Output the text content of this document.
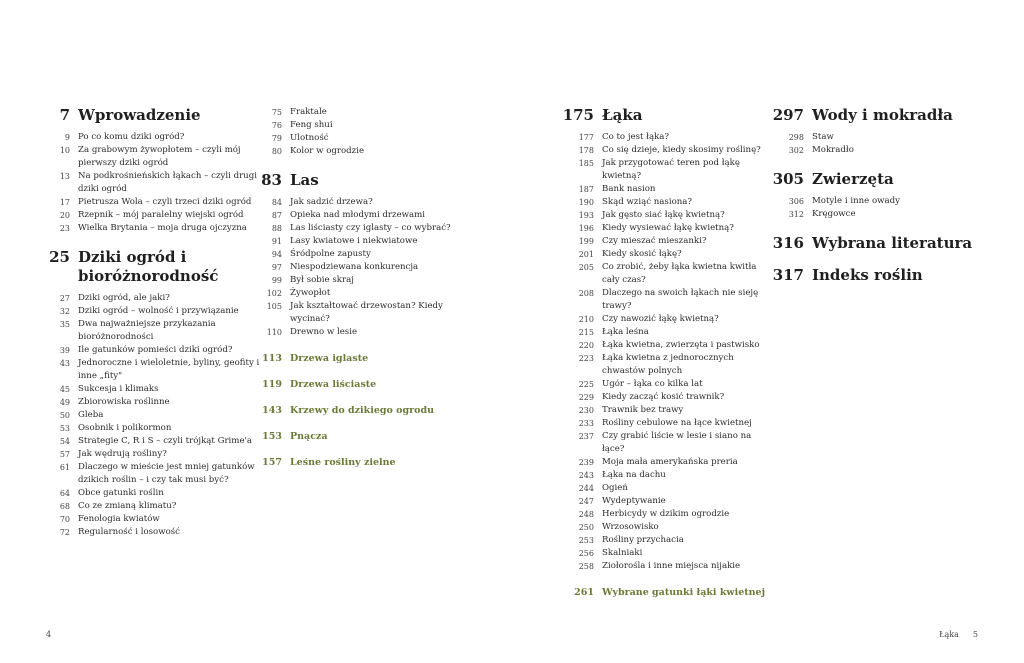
7 Wprowadzenie
9 Po co komu dziki ogród?
10 Za grabowym żywopłotem – czyli mój pierwszy dziki ogród
13 Na podkrośnieńskich łąkach – czyli drugi dziki ogród
17 Pietrusza Wola – czyli trzeci dziki ogród
20 Rzepnik – mój paralelny wiejski ogród
23 Wielka Brytania – moja druga ojczyzna
25 Dziki ogród i bioróżnorodność
27 Dziki ogród, ale jaki?
32 Dziki ogród – wolność i przywiązanie
35 Dwa najważniejsze przykazania bioróżnorodności
39 Ile gatunków pomieści dziki ogród?
43 Jednoroczne i wieloletnie, byliny, geofity i inne „fity"
45 Sukcesja i klimaks
49 Zbiorowiska roślinne
50 Gleba
53 Osobnik i polikormon
54 Strategie C, R i S – czyli trójkąt Grime'a
57 Jak wędrują rośliny?
61 Dlaczego w mieście jest mniej gatunków dzikich roślin – i czy tak musi być?
64 Obce gatunki roślin
68 Co ze zmianą klimatu?
70 Fenologia kwiatów
72 Regularność i losowość
75 Fraktale
76 Feng shui
79 Ulotność
80 Kolor w ogrodzie
83 Las
84 Jak sadzić drzewa?
87 Opieka nad młodymi drzewami
88 Las liściasty czy iglasty – co wybrać?
91 Lasy kwiatowe i niekwiatowe
94 Śródpolne zapusty
97 Niespodziewana konkurencja
99 Był sobie skraj
102 Żywopłot
105 Jak kształtować drzewostan? Kiedy wycinać?
110 Drewno w lesie
113 Drzewa iglaste
119 Drzewa liściaste
143 Krzewy do dzikiego ogrodu
153 Pnącza
157 Leśne rośliny zielne
175 Łąka
177 Co to jest łąka?
178 Co się dzieje, kiedy skosimy roślinę?
185 Jak przygotować teren pod łąkę kwietną?
187 Bank nasion
190 Skąd wziąć nasiona?
193 Jak gęsto siać łąkę kwietną?
196 Kiedy wysiewać łąkę kwietną?
199 Czy mieszać mieszanki?
201 Kiedy skosić łąkę?
205 Co zrobić, żeby łąka kwietna kwitła cały czas?
208 Dlaczego na swoich łąkach nie sieję trawy?
210 Czy nawozić łąkę kwietną?
215 Łąka leśna
220 Łąka kwietna, zwierzęta i pastwisko
223 Łąka kwietna z jednorocznych chwastów polnych
225 Ugór – łąka co kilka lat
229 Kiedy zacząć kosić trawnik?
230 Trawnik bez trawy
233 Rośliny cebulowe na łące kwietnej
237 Czy grabić liście w lesie i siano na łące?
239 Moja mała amerykańska preria
243 Łąka na dachu
244 Ogień
247 Wydeptywanie
248 Herbicydy w dzikim ogrodzie
250 Wrzosowisko
253 Rośliny przychacia
256 Skalniaki
258 Ziołorośla i inne miejsca nijakie
261 Wybrane gatunki łąki kwietnej
297 Wody i mokradła
298 Staw
302 Mokradło
305 Zwierzęta
306 Motyle i inne owady
312 Kręgowce
316 Wybrana literatura
317 Indeks roślin
4	Łąka 5
